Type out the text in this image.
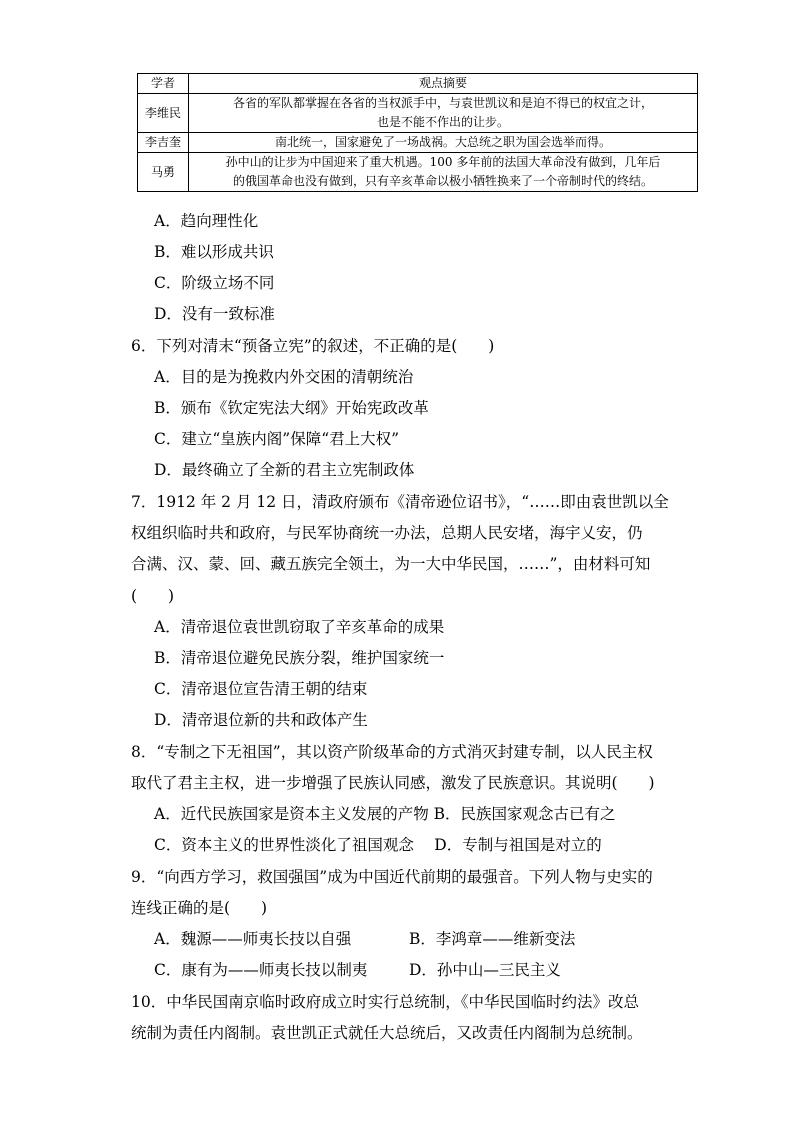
学者	观点摘要
李维民	各省的军队都掌握在各省的当权派手中，与袁世凯议和是迫不得已的权宜之计，
也是不能不作出的让步。

李吉奎	南北统一，国家避免了一场战祸。大总统之职为国会选举而得。

马勇	孙中山的让步为中国迎来了重大机遇。100 多年前的法国大革命没有做到，几年后
的俄国革命也没有做到，只有辛亥革命以极小牺牲换来了一个帝制时代的终结。
A．趋向理性化
B．难以形成共识
C．阶级立场不同
D．没有一致标准
6．下列对清末“预备立宪”的叙述，不正确的是(　　)
A．目的是为挽救内外交困的清朝统治
B．颁布《钦定宪法大纲》开始宪政改革
C．建立“皇族内阁”保障“君上大权”
D．最终确立了全新的君主立宪制政体
7．1912 年 2 月 12 日，清政府颁布《清帝逊位诏书》，“……即由袁世凯以全
权组织临时共和政府，与民军协商统一办法，总期人民安堵，海宇乂安，仍
合满、汉、蒙、回、藏五族完全领土，为一大中华民国，……”，由材料可知
(　　)
A．清帝退位袁世凯窃取了辛亥革命的成果
B．清帝退位避免民族分裂，维护国家统一
C．清帝退位宣告清王朝的结束
D．清帝退位新的共和政体产生
8．“专制之下无祖国”，其以资产阶级革命的方式消灭封建专制，以人民主权
取代了君主主权，进一步增强了民族认同感，激发了民族意识。其说明(　　)
A．近代民族国家是资本主义发展的产物 B．民族国家观念古已有之
C．资本主义的世界性淡化了祖国观念　 D．专制与祖国是对立的
9．“向西方学习，救国强国”成为中国近代前期的最强音。下列人物与史实的
连线正确的是(　　)
A．魏源——师夷长技以自强	B．李鸿章——维新变法
C．康有为——师夷长技以制夷	D．孙中山—三民主义
10．中华民国南京临时政府成立时实行总统制，《中华民国临时约法》改总
统制为责任内阁制。袁世凯正式就任大总统后，又改责任内阁制为总统制。
